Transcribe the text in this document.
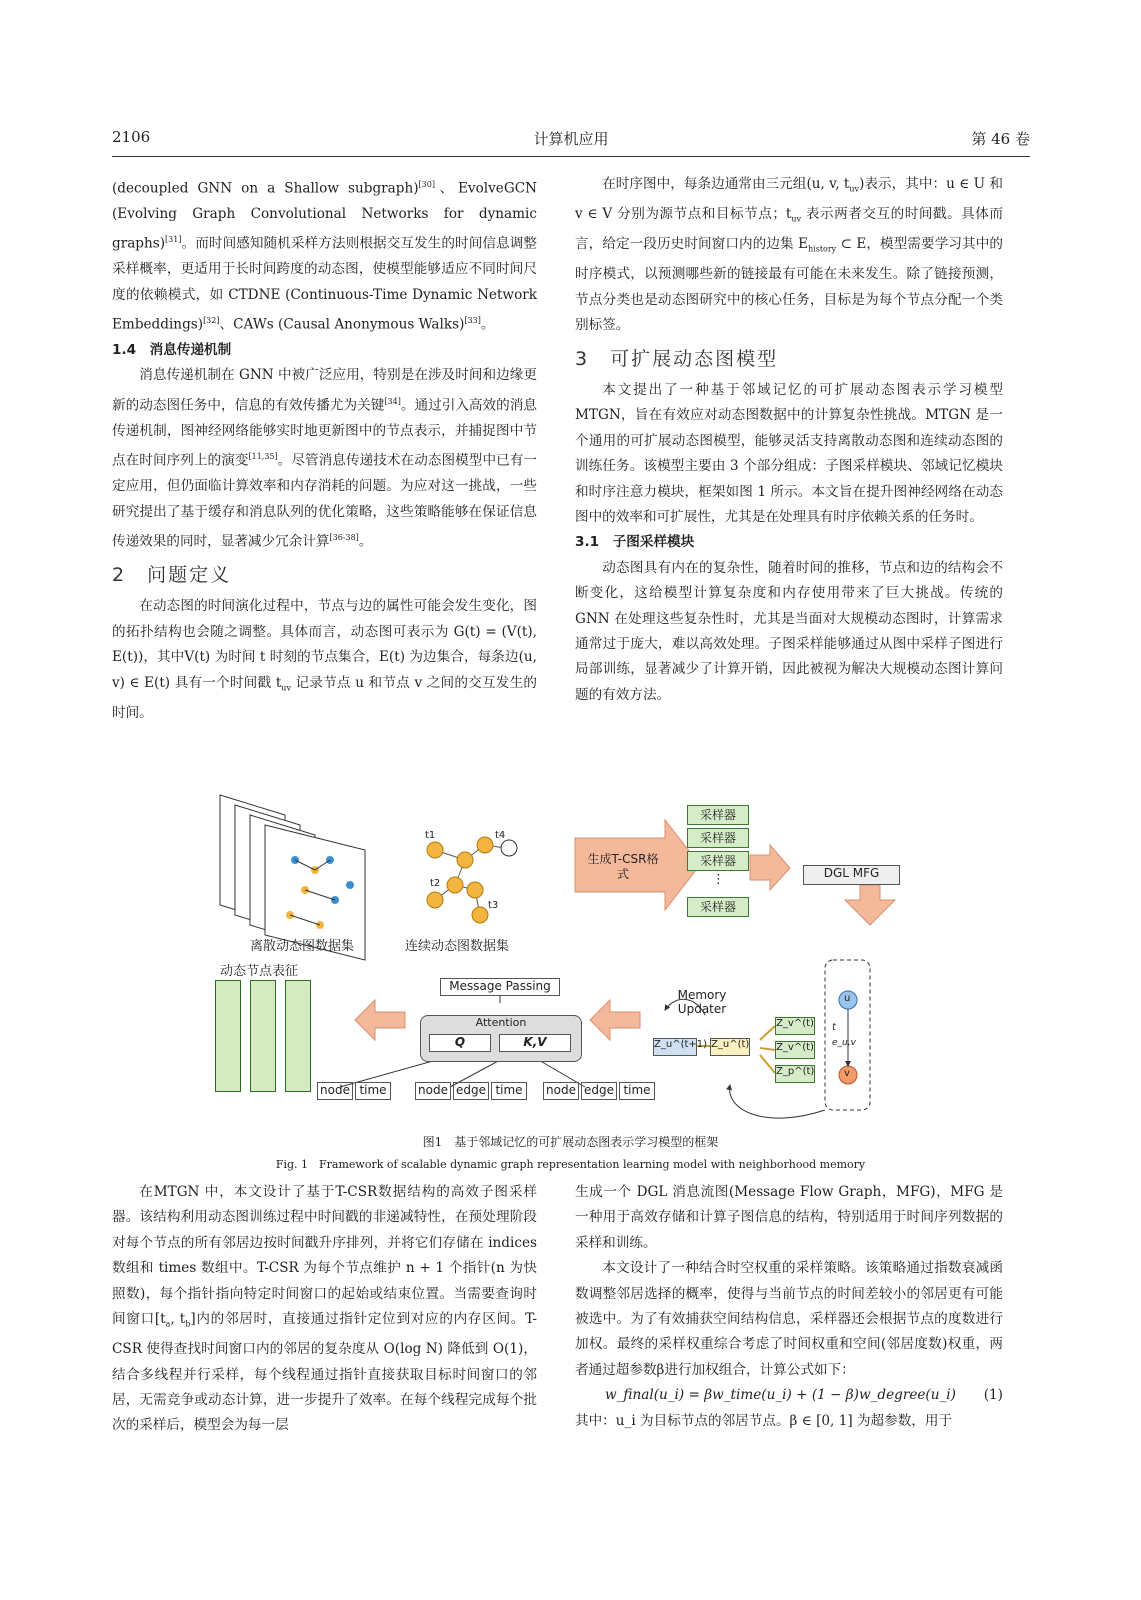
2106	计算机应用	第 46 卷

(decoupled GNN on a Shallow subgraph)[30]、EvolveGCN (Evolving Graph Convolutional Networks for dynamic graphs)[31]。而时间感知随机采样方法则根据交互发生的时间信息调整采样概率，更适用于长时间跨度的动态图，使模型能够适应不同时间尺度的依赖模式，如 CTDNE (Continuous-Time Dynamic Network Embeddings)[32]、CAWs (Causal Anonymous Walks)[33]。

1.4　消息传递机制

消息传递机制在 GNN 中被广泛应用，特别是在涉及时间和边缘更新的动态图任务中，信息的有效传播尤为关键[34]。通过引入高效的消息传递机制，图神经网络能够实时地更新图中的节点表示，并捕捉图中节点在时间序列上的演变[11,35]。尽管消息传递技术在动态图模型中已有一定应用，但仍面临计算效率和内存消耗的问题。为应对这一挑战，一些研究提出了基于缓存和消息队列的优化策略，这些策略能够在保证信息传递效果的同时，显著减少冗余计算[36-38]。

2　问题定义

在动态图的时间演化过程中，节点与边的属性可能会发生变化，图的拓扑结构也会随之调整。具体而言，动态图可表示为 G(t) = (V(t), E(t))，其中V(t) 为时间 t 时刻的节点集合，E(t) 为边集合，每条边(u, v) ∈ E(t) 具有一个时间戳 $t_{uv}$ 记录节点 u 和节点 v 之间的交互发生的时间。

在时序图中，每条边通常由三元组(u, v, $t_{uv}$)表示，其中：u ∈ U 和 v ∈ V 分别为源节点和目标节点；$t_{uv}$ 表示两者交互的时间戳。具体而言，给定一段历史时间窗口内的边集 $E_{history}$ ⊂ E，模型需要学习其中的时序模式，以预测哪些新的链接最有可能在未来发生。除了链接预测，节点分类也是动态图研究中的核心任务，目标是为每个节点分配一个类别标签。

3　可扩展动态图模型

本文提出了一种基于邻域记忆的可扩展动态图表示学习模型 MTGN，旨在有效应对动态图数据中的计算复杂性挑战。MTGN 是一个通用的可扩展动态图模型，能够灵活支持离散动态图和连续动态图的训练任务。该模型主要由 3 个部分组成：子图采样模块、邻域记忆模块和时序注意力模块，框架如图 1 所示。本文旨在提升图神经网络在动态图中的效率和可扩展性，尤其是在处理具有时序依赖关系的任务时。

3.1　子图采样模块

动态图具有内在的复杂性，随着时间的推移，节点和边的结构会不断变化，这给模型计算复杂度和内存使用带来了巨大挑战。传统的 GNN 在处理这些复杂性时，尤其是当面对大规模动态图时，计算需求通常过于庞大，难以高效处理。子图采样能够通过从图中采样子图进行局部训练，显著减少了计算开销，因此被视为解决大规模动态图计算问题的有效方法。

离散动态图数据集	连续动态图数据集
t1
t2
t3
t4
生成T-CSR格式
采样器
采样器
采样器
⋮
采样器
DGL MFG
动态节点表征
Message Passing
Attention
Q	K,V
node time	node edge time	node edge time
Memory Updater
Z_u^(t+1) Z_u^(t)
Z_v^(t)
Z_v^(t)
Z_p^(t)
u
v
t
e_u,v
图1　基于邻域记忆的可扩展动态图表示学习模型的框架
Fig. 1　Framework of scalable dynamic graph representation learning model with neighborhood memory

在MTGN 中，本文设计了基于T-CSR数据结构的高效子图采样器。该结构利用动态图训练过程中时间戳的非递减特性，在预处理阶段对每个节点的所有邻居边按时间戳升序排列，并将它们存储在 indices 数组和 times 数组中。T-CSR 为每个节点维护 n + 1 个指针(n 为快照数)，每个指针指向特定时间窗口的起始或结束位置。当需要查询时间窗口[$t_a$, $t_b$]内的邻居时，直接通过指针定位到对应的内存区间。T-CSR 使得查找时间窗口内的邻居的复杂度从 O(log N) 降低到 O(1)，结合多线程并行采样，每个线程通过指针直接获取目标时间窗口的邻居，无需竞争或动态计算，进一步提升了效率。在每个线程完成每个批次的采样后，模型会为每一层

生成一个 DGL 消息流图(Message Flow Graph，MFG)，MFG 是一种用于高效存储和计算子图信息的结构，特别适用于时间序列数据的采样和训练。

本文设计了一种结合时空权重的采样策略。该策略通过指数衰减函数调整邻居选择的概率，使得与当前节点的时间差较小的邻居更有可能被选中。为了有效捕获空间结构信息，采样器还会根据节点的度数进行加权。最终的采样权重综合考虑了时间权重和空间(邻居度数)权重，两者通过超参数β进行加权组合，计算公式如下：

w_final(u_i) = βw_time(u_i) + (1 − β)w_degree(u_i) (1)

其中：u_i 为目标节点的邻居节点。β ∈ [0, 1] 为超参数，用于
